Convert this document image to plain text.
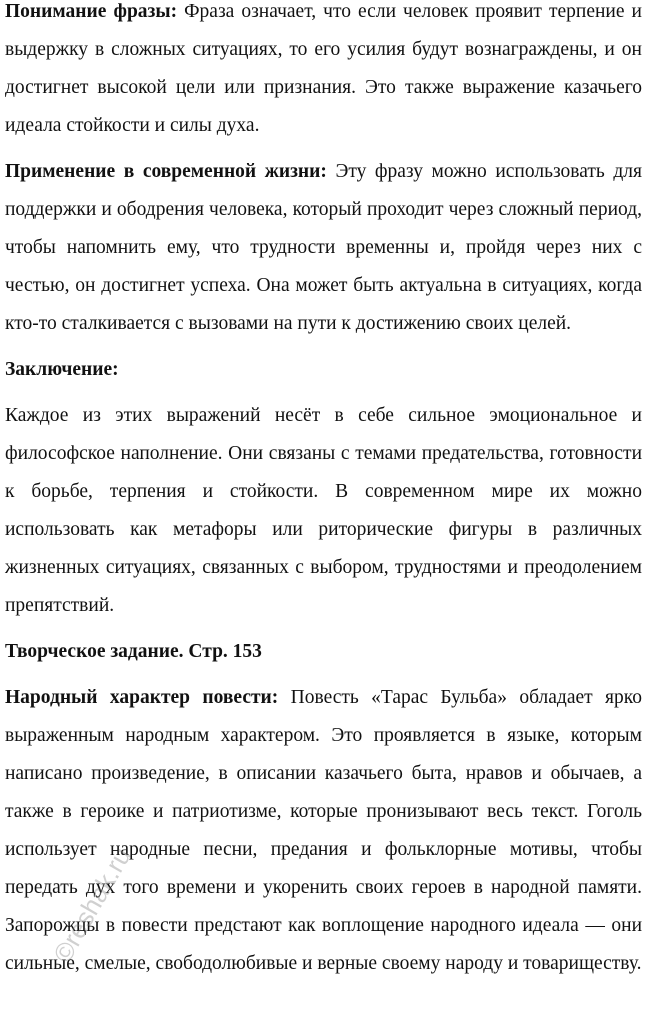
Понимание фразы: Фраза означает, что если человек проявит терпение и выдержку в сложных ситуациях, то его усилия будут вознаграждены, и он достигнет высокой цели или признания. Это также выражение казачьего идеала стойкости и силы духа.

Применение в современной жизни: Эту фразу можно использовать для поддержки и ободрения человека, который проходит через сложный период, чтобы напомнить ему, что трудности временны и, пройдя через них с честью, он достигнет успеха. Она может быть актуальна в ситуациях, когда кто-то сталкивается с вызовами на пути к достижению своих целей.

Заключение:

Каждое из этих выражений несёт в себе сильное эмоциональное и философское наполнение. Они связаны с темами предательства, готовности к борьбе, терпения и стойкости. В современном мире их можно использовать как метафоры или риторические фигуры в различных жизненных ситуациях, связанных с выбором, трудностями и преодолением препятствий.

Творческое задание. Стр. 153

Народный характер повести: Повесть «Тарас Бульба» обладает ярко выраженным народным характером. Это проявляется в языке, которым написано произведение, в описании казачьего быта, нравов и обычаев, а также в героике и патриотизме, которые пронизывают весь текст. Гоголь использует народные песни, предания и фольклорные мотивы, чтобы передать дух того времени и укоренить своих героев в народной памяти. Запорожцы в повести предстают как воплощение народного идеала — они сильные, смелые, свободолюбивые и верные своему народу и товариществу.

©reshak.ru
